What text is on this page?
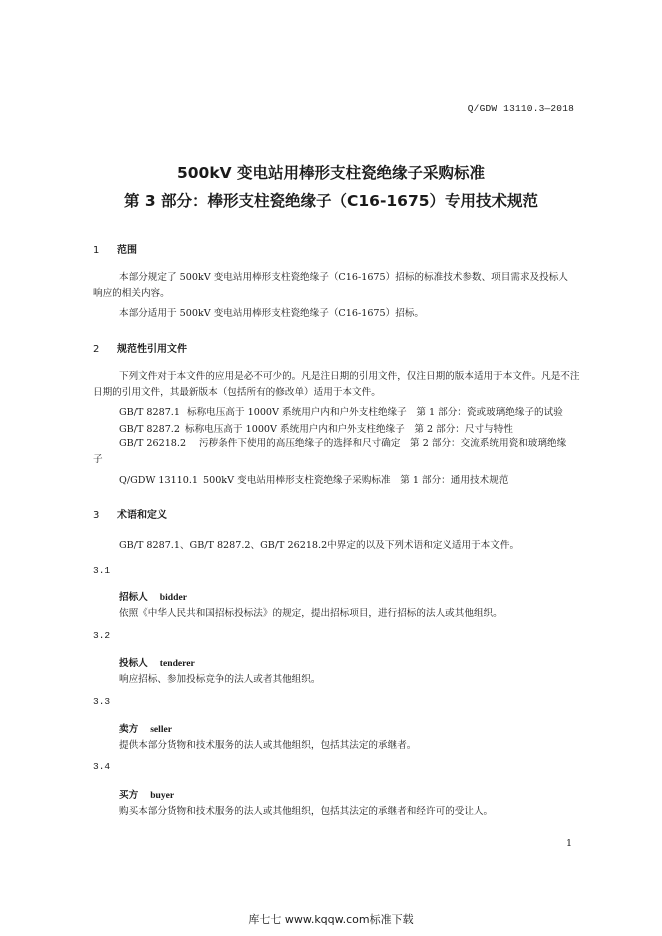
Q/GDW 13110.3—2018
500kV 变电站用棒形支柱瓷绝缘子采购标准
第 3 部分：棒形支柱瓷绝缘子（C16-1675）专用技术规范
1 范围
本部分规定了 500kV 变电站用棒形支柱瓷绝缘子（C16-1675）招标的标准技术参数、项目需求及投标人响应的相关内容。
本部分适用于 500kV 变电站用棒形支柱瓷绝缘子（C16-1675）招标。
2 规范性引用文件
下列文件对于本文件的应用是必不可少的。凡是注日期的引用文件，仅注日期的版本适用于本文件。凡是不注日期的引用文件，其最新版本（包括所有的修改单）适用于本文件。
GB/T 8287.1 标称电压高于 1000V 系统用户内和户外支柱绝缘子　第 1 部分：瓷或玻璃绝缘子的试验
GB/T 8287.2 标称电压高于 1000V 系统用户内和户外支柱绝缘子　第 2 部分：尺寸与特性
GB/T 26218.2 污秽条件下使用的高压绝缘子的选择和尺寸确定　第 2 部分：交流系统用瓷和玻璃绝缘子
Q/GDW 13110.1 500kV 变电站用棒形支柱瓷绝缘子采购标准　第 1 部分：通用技术规范
3 术语和定义
GB/T 8287.1、GB/T 8287.2、GB/T 26218.2中界定的以及下列术语和定义适用于本文件。
3.1
招标人 bidder
依照《中华人民共和国招标投标法》的规定，提出招标项目，进行招标的法人或其他组织。
3.2
投标人 tenderer
响应招标、参加投标竞争的法人或者其他组织。
3.3
卖方 seller
提供本部分货物和技术服务的法人或其他组织，包括其法定的承继者。
3.4
买方 buyer
购买本部分货物和技术服务的法人或其他组织，包括其法定的承继者和经许可的受让人。
1
库七七 www.kqqw.com标准下载
